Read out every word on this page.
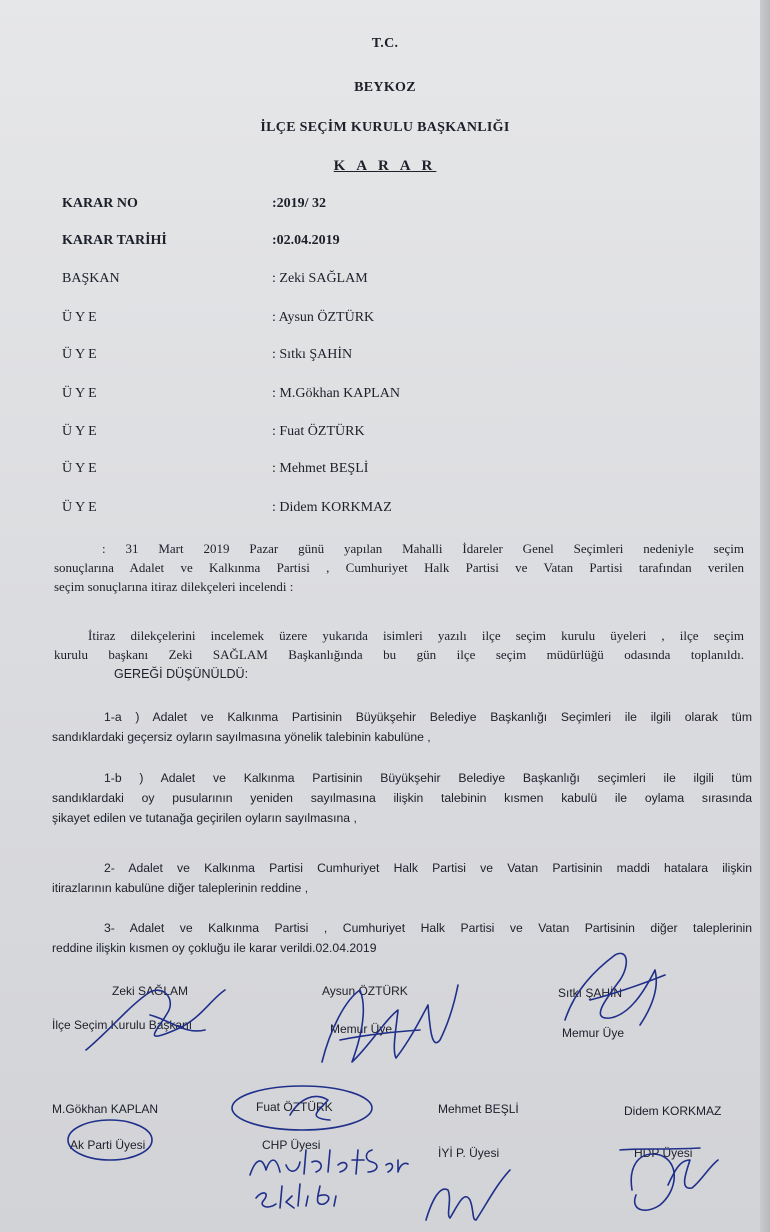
T.C.
BEYKOZ
İLÇE SEÇİM KURULU BAŞKANLIĞI
K A R A R
KARAR NO	:2019/ 32
KARAR TARİHİ	:02.04.2019
BAŞKAN	: Zeki SAĞLAM
Ü Y E	: Aysun ÖZTÜRK
Ü Y E	: Sıtkı ŞAHİN
Ü Y E	: M.Gökhan KAPLAN
Ü Y E	: Fuat ÖZTÜRK
Ü Y E	: Mehmet BEŞLİ
Ü Y E	: Didem KORKMAZ
: 31 Mart 2019 Pazar günü yapılan Mahalli İdareler Genel Seçimleri nedeniyle seçim
sonuçlarına Adalet ve Kalkınma Partisi , Cumhuriyet Halk Partisi ve Vatan Partisi tarafından verilen
seçim sonuçlarına itiraz dilekçeleri incelendi :
İtiraz dilekçelerini incelemek üzere yukarıda isimleri yazılı ilçe seçim kurulu üyeleri , ilçe seçim
kurulu başkanı Zeki SAĞLAM Başkanlığında bu gün ilçe seçim müdürlüğü odasında toplanıldı.
GEREĞİ DÜŞÜNÜLDÜ:
1-a ) Adalet ve Kalkınma Partisinin Büyükşehir Belediye Başkanlığı Seçimleri ile ilgili olarak tüm
sandıklardaki geçersiz oyların sayılmasına yönelik talebinin kabulüne ,
1-b ) Adalet ve Kalkınma Partisinin Büyükşehir Belediye Başkanlığı seçimleri ile ilgili tüm
sandıklardaki oy pusularının yeniden sayılmasına ilişkin talebinin kısmen kabulü ile oylama sırasında
şikayet edilen ve tutanağa geçirilen oyların sayılmasına ,
2- Adalet ve Kalkınma Partisi Cumhuriyet Halk Partisi ve Vatan Partisinin maddi hatalara ilişkin
itirazlarının kabulüne diğer taleplerinin reddine ,
3- Adalet ve Kalkınma Partisi , Cumhuriyet Halk Partisi ve Vatan Partisinin diğer taleplerinin
reddine ilişkin kısmen oy çokluğu ile karar verildi.02.04.2019
Zeki SAĞLAM
İlçe Seçim Kurulu Başkanı
Aysun ÖZTÜRK
Memur Üye
Sıtkı ŞAHİN
Memur Üye
M.Gökhan KAPLAN
Ak Parti Üyesi
Fuat ÖZTÜRK
CHP Üyesi
Mehmet BEŞLİ
İYİ P. Üyesi
Didem KORKMAZ
HDP Üyesi
